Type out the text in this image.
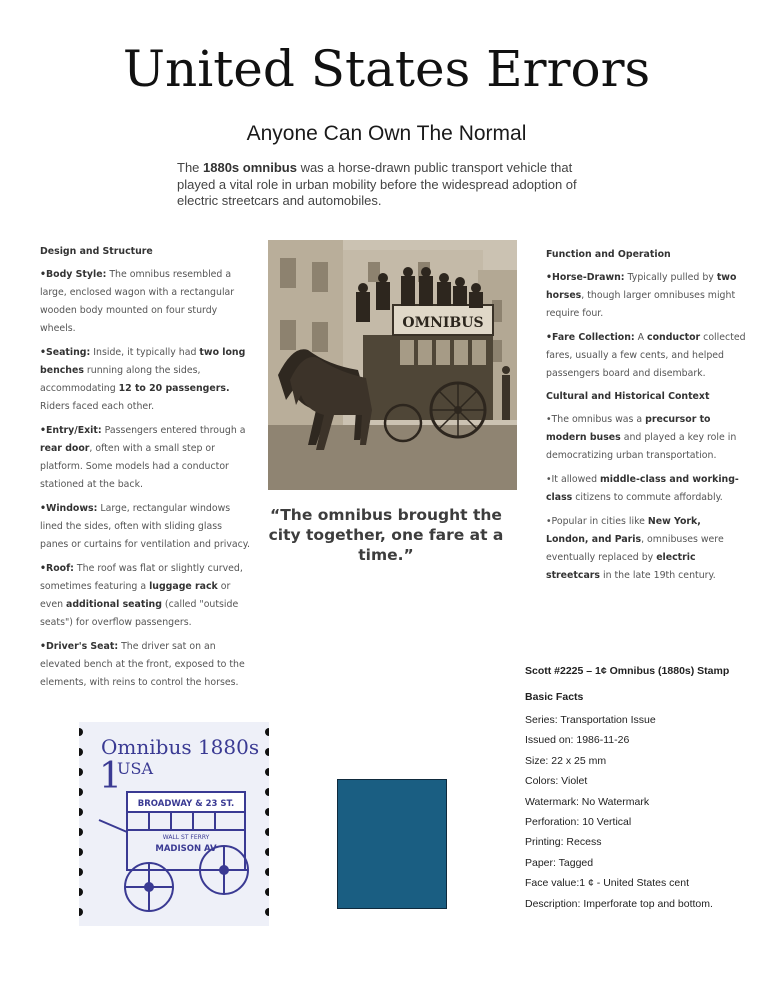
United States Errors
Anyone Can Own The Normal

The 1880s omnibus was a horse-drawn public transport vehicle that played a vital role in urban mobility before the widespread adoption of electric streetcars and automobiles.

Design and Structure

•Body Style: The omnibus resembled a large, enclosed wagon with a rectangular wooden body mounted on four sturdy wheels.

•Seating: Inside, it typically had two long benches running along the sides, accommodating 12 to 20 passengers. Riders faced each other.

•Entry/Exit: Passengers entered through a rear door, often with a small step or platform. Some models had a conductor stationed at the back.

•Windows: Large, rectangular windows lined the sides, often with sliding glass panes or curtains for ventilation and privacy.

•Roof: The roof was flat or slightly curved, sometimes featuring a luggage rack or even additional seating (called "outside seats") for overflow passengers.

•Driver's Seat: The driver sat on an elevated bench at the front, exposed to the elements, with reins to control the horses.

OMNIBUS
“The omnibus brought the city together, one fare at a time.”
Function and Operation

•Horse-Drawn: Typically pulled by two horses, though larger omnibuses might require four.

•Fare Collection: A conductor collected fares, usually a few cents, and helped passengers board and disembark.

Cultural and Historical Context

•The omnibus was a precursor to modern buses and played a key role in democratizing urban transportation.

•It allowed middle-class and working-class citizens to commute affordably.

•Popular in cities like New York, London, and Paris, omnibuses were eventually replaced by electric streetcars in the late 19th century.

Scott #2225 – 1¢ Omnibus (1880s) Stamp
Basic Facts
Series: Transportation Issue
Issued on: 1986-11-26
Size: 22 x 25 mm
Colors: Violet
Watermark: No Watermark
Perforation: 10 Vertical
Printing: Recess
Paper: Tagged
Face value:1 ¢ - United States cent
Description: Imperforate top and bottom.
Omnibus 1880s
1
USA
BROADWAY & 23 ST.
WALL ST FERRY
MADISON AV
